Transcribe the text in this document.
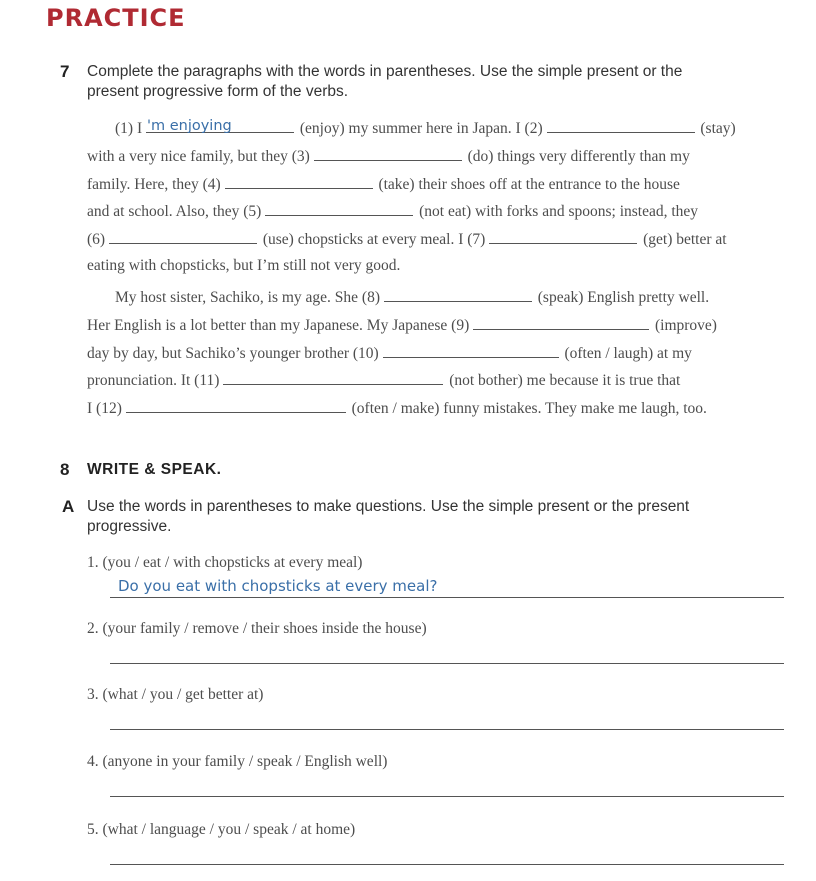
PRACTICE
7 Complete the paragraphs with the words in parentheses. Use the simple present or the
present progressive form of the verbs.
(1) I 'm enjoying	(enjoy) my summer here in Japan. I (2)	(stay)
with a very nice family, but they (3)	(do) things very differently than my
family. Here, they (4)	(take) their shoes off at the entrance to the house
and at school. Also, they (5)	(not eat) with forks and spoons; instead, they
(6)	(use) chopsticks at every meal. I (7)	(get) better at
eating with chopsticks, but I’m still not very good.
My host sister, Sachiko, is my age. She (8)	(speak) English pretty well.
Her English is a lot better than my Japanese. My Japanese (9)	(improve)
day by day, but Sachiko’s younger brother (10)	(often / laugh) at my
pronunciation. It (11)	(not bother) me because it is true that
I (12)	(often / make) funny mistakes. They make me laugh, too.
8 WRITE & SPEAK.
A Use the words in parentheses to make questions. Use the simple present or the present
progressive.
1. (you / eat / with chopsticks at every meal)
Do you eat with chopsticks at every meal?
2. (your family / remove / their shoes inside the house)
3. (what / you / get better at)
4. (anyone in your family / speak / English well)
5. (what / language / you / speak / at home)
